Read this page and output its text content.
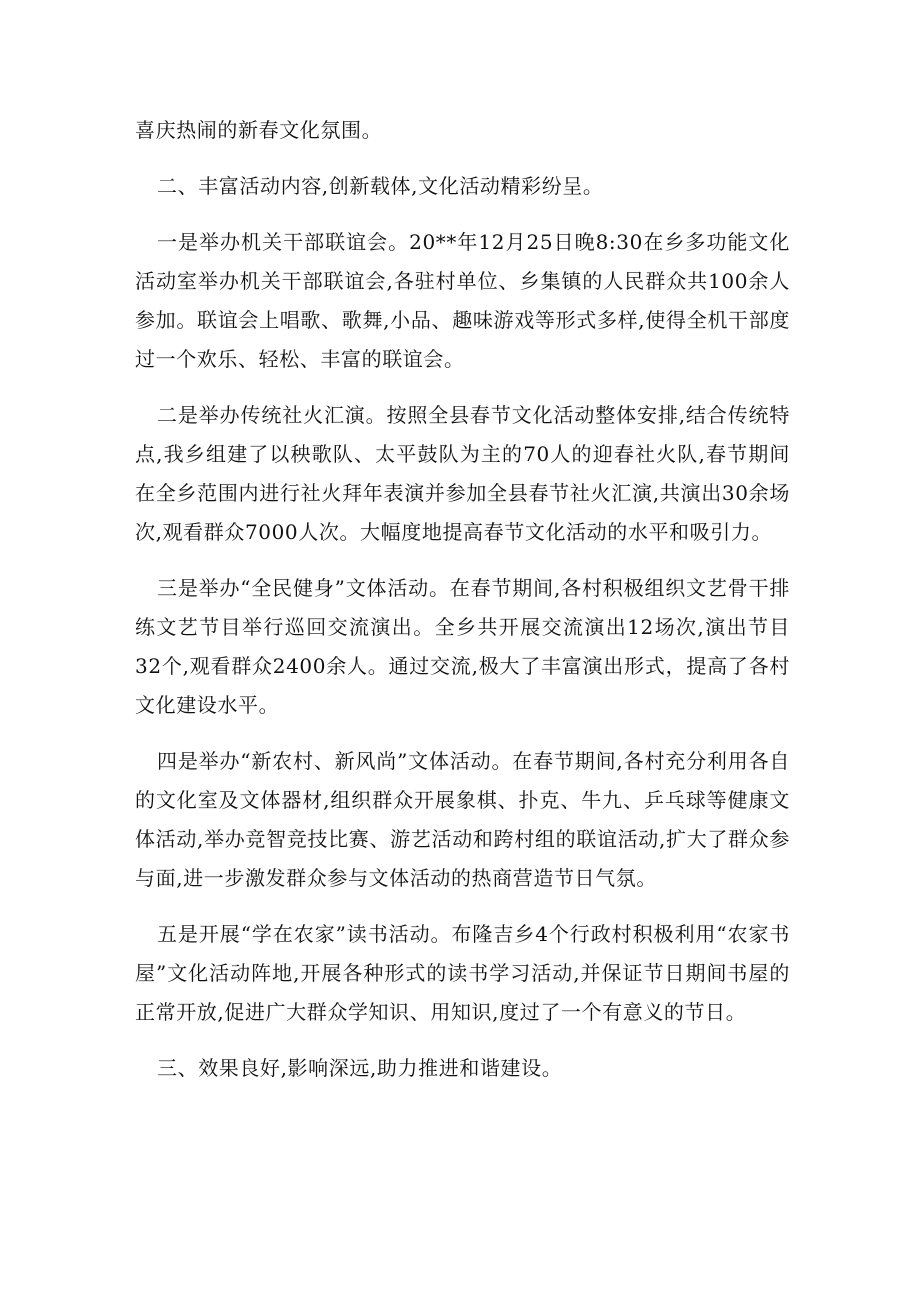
喜庆热闹的新春文化氛围。

二、丰富活动内容,创新载体,文化活动精彩纷呈。

一是举办机关干部联谊会。20**年12月25日晚8:30在乡多功能文化活动室举办机关干部联谊会,各驻村单位、乡集镇的人民群众共100余人参加。联谊会上唱歌、歌舞,小品、趣味游戏等形式多样,使得全机干部度过一个欢乐、轻松、丰富的联谊会。

二是举办传统社火汇演。按照全县春节文化活动整体安排,结合传统特点,我乡组建了以秧歌队、太平鼓队为主的70人的迎春社火队,春节期间在全乡范围内进行社火拜年表演并参加全县春节社火汇演,共演出30余场次,观看群众7000人次。大幅度地提高春节文化活动的水平和吸引力。

三是举办“全民健身”文体活动。在春节期间,各村积极组织文艺骨干排练文艺节目举行巡回交流演出。全乡共开展交流演出12场次,演出节目32个,观看群众2400余人。通过交流,极大了丰富演出形式，提高了各村文化建设水平。

四是举办“新农村、新风尚”文体活动。在春节期间,各村充分利用各自的文化室及文体器材,组织群众开展象棋、扑克、牛九、乒乓球等健康文体活动,举办竞智竞技比赛、游艺活动和跨村组的联谊活动,扩大了群众参与面,进一步激发群众参与文体活动的热商营造节日气氛。

五是开展“学在农家”读书活动。布隆吉乡4个行政村积极利用“农家书屋”文化活动阵地,开展各种形式的读书学习活动,并保证节日期间书屋的正常开放,促进广大群众学知识、用知识,度过了一个有意义的节日。

三、效果良好,影响深远,助力推进和谐建设。
